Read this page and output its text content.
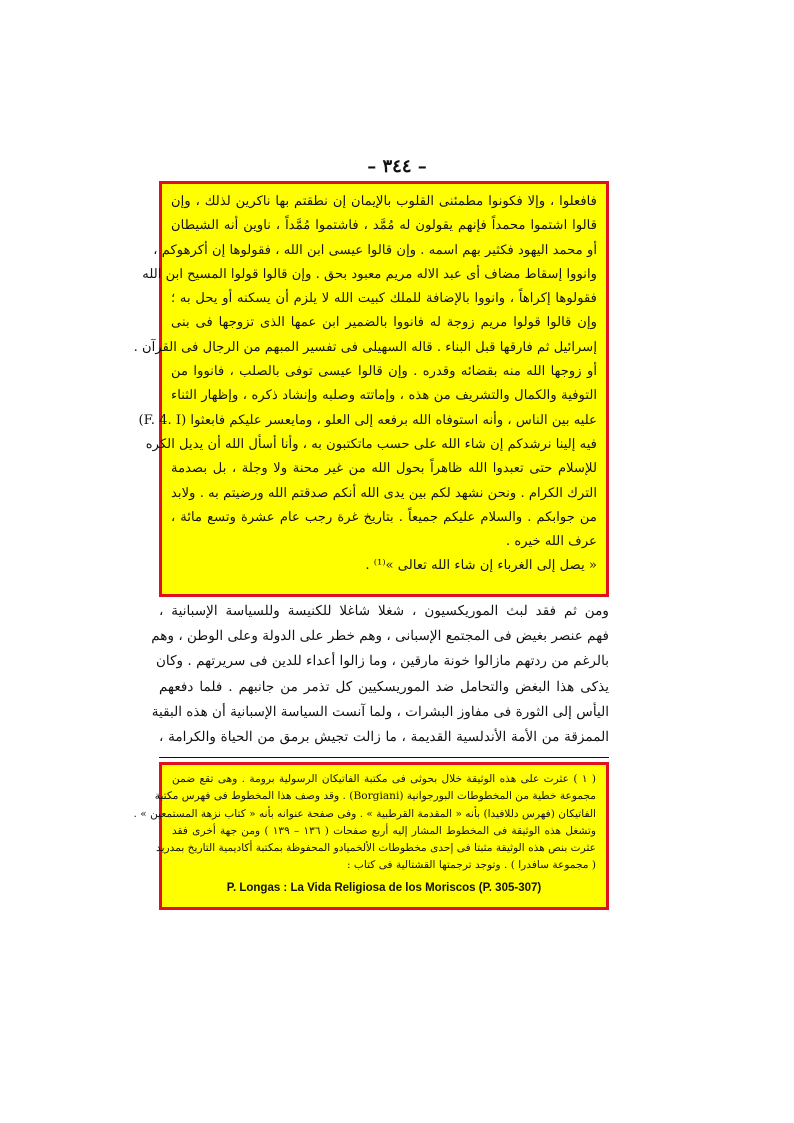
– ٣٤٤ –
فافعلوا ، وإلا فكونوا مطمئنى القلوب بالإيمان إن نطقتم بها ناكرين لذلك ، وإن
قالوا اشتموا محمداً فإنهم يقولون له مُمَّد ، فاشتموا مُمَّداً ، ناوين أنه الشيطان
أو محمد اليهود فكثير بهم اسمه . وإن قالوا عيسى ابن الله ، فقولوها إن أكرهوكم ،
وانووا إسقاط مضاف أى عبد الاله مريم معبود بحق . وإن قالوا قولوا المسيح ابن الله
فقولوها إكراهاً ، وانووا بالإضافة للملك كبيت الله لا يلزم أن يسكنه أو يحل به ؛
وإن قالوا قولوا مريم زوجة له فانووا بالضمير ابن عمها الذى تزوجها فى بنى
إسرائيل ثم فارقها قبل البناء . قاله السهيلى فى تفسير المبهم من الرجال فى القرآن .
أو زوجها الله منه بقضائه وقدره . وإن قالوا عيسى توفى بالصلب ، فانووا من
التوفية والكمال والتشريف من هذه ، وإماتته وصلبه وإنشاد ذكره ، وإظهار الثناء
عليه بين الناس ، وأنه استوفاه الله برفعه إلى العلو ، ومايعسر عليكم فابعثوا (F. 4. I)
فيه إلينا نرشدكم إن شاء الله على حسب ماتكتبون به ، وأنا أسأل الله أن يديل الكره
للإسلام حتى تعبدوا الله ظاهراً بحول الله من غير محنة ولا وجلة ، بل بصدمة
الترك الكرام . ونحن نشهد لكم بين يدى الله أنكم صدقتم الله ورضيتم به . ولابد
من جوابكم . والسلام عليكم جميعاً . بتاريخ غرة رجب عام عشرة وتسع مائة ،
عرف الله خيره .
« يصل إلى الغرباء إن شاء الله تعالى »⁽¹⁾ .
ومن ثم فقد لبث الموريكسيون ، شغلا شاغلا للكنيسة وللسياسة الإسبانية ،
فهم عنصر بغيض فى المجتمع الإسبانى ، وهم خطر على الدولة وعلى الوطن ، وهم
بالرغم من ردتهم مازالوا خونة مارقين ، وما زالوا أعداء للدين فى سريرتهم . وكان
يذكى هذا البغض والتحامل ضد الموريسكيين كل تذمر من جانبهم . فلما دفعهم
اليأس إلى الثورة فى مفاوز البشرات ، ولما آنست السياسة الإسبانية أن هذه البقية
الممزقة من الأمة الأندلسية القديمة ، ما زالت تجيش برمق من الحياة والكرامة ،
( ١ ) عثرت على هذه الوثيقة خلال بحوثى فى مكتبة الفاتيكان الرسولية برومة . وهى تقع ضمن
مجموعة خطية من المخطوطات البورجوانية (Borgiani) . وقد وصف هذا المخطوط فى فهرس مكتبة
الفاتيكان (فهرس دللافيدا) بأنه « المقدمة القرطبية » . وفى صفحة عنوانه بأنه « كتاب نزهة المستمعين » .
وتشغل هذه الوثيقة فى المخطوط المشار إليه أربع صفحات ( ١٣٦ – ١٣٩ ) ومن جهة أخرى فقد
عثرت بنص هذه الوثيقة مثبتا فى إحدى مخطوطات الألخميادو المحفوظة بمكتبة أكاديمية التاريخ بمدريد
( مجموعة سافدرا ) . وتوجد ترجمتها القشتالية فى كتاب :
P. Longas : La Vida Religiosa de los Moriscos (P. 305-307)
